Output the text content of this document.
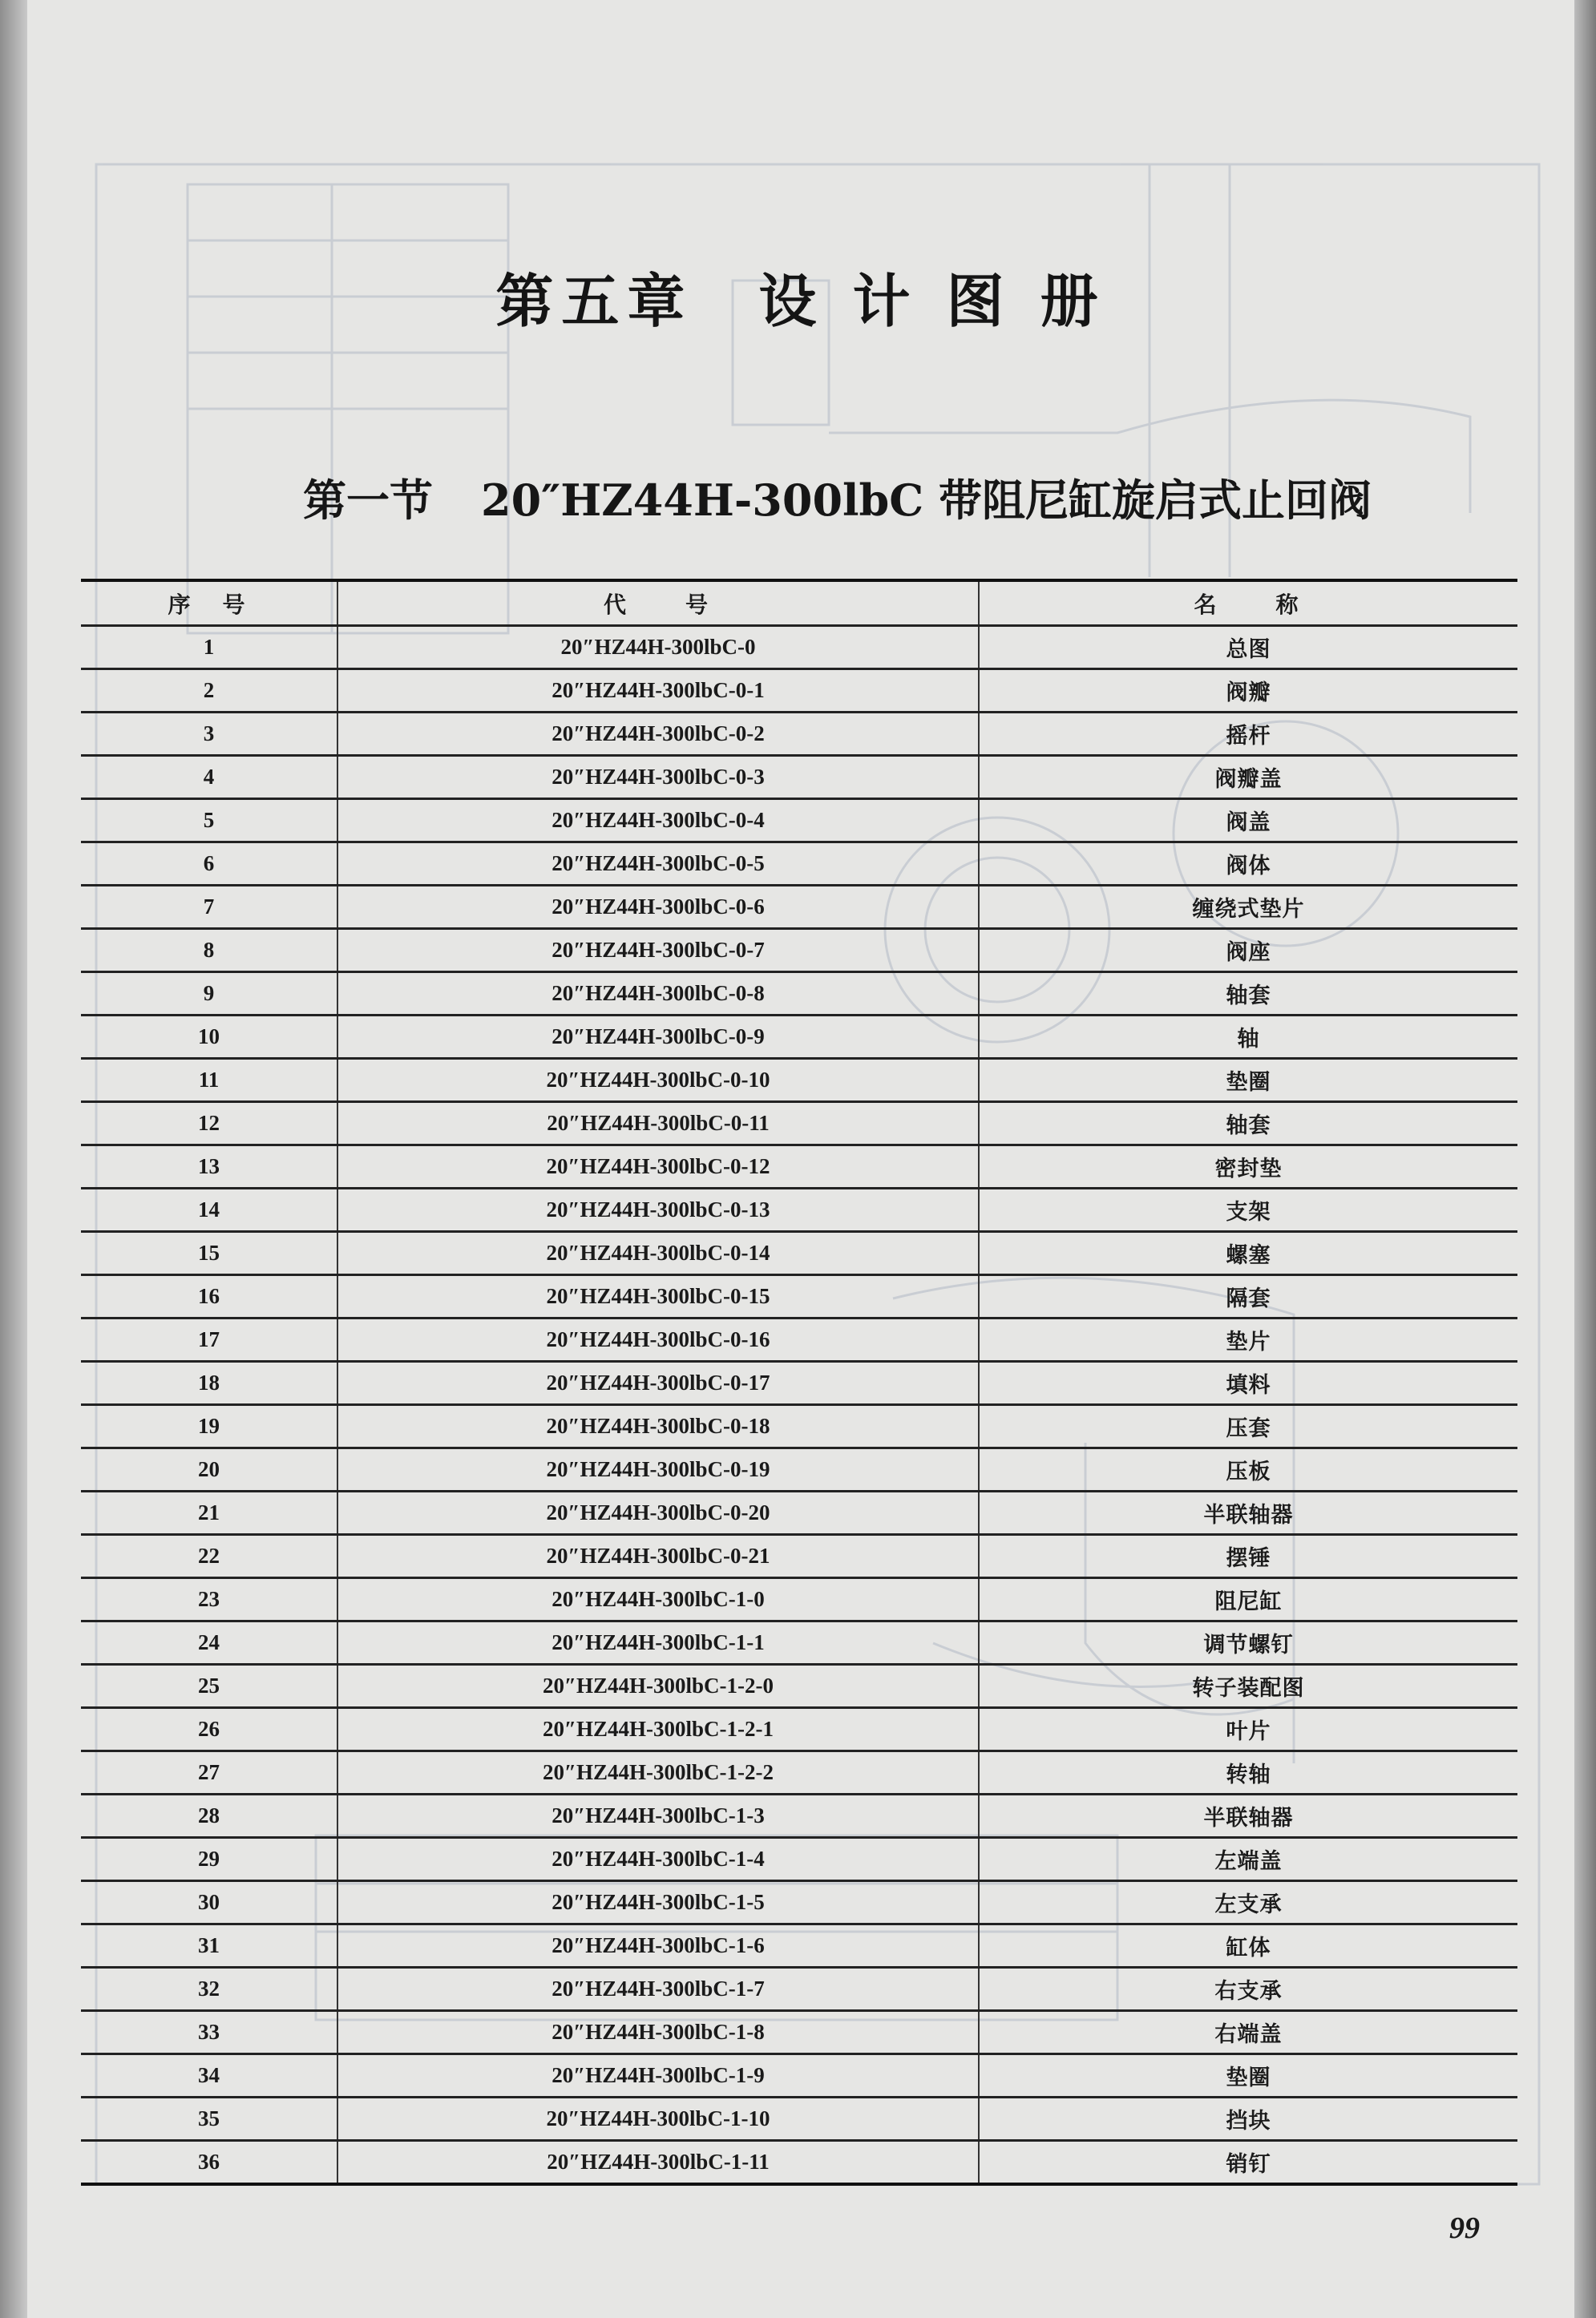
第五章　设 计 图 册
第一节 20″HZ44H-300lbC 带阻尼缸旋启式止回阀
序　号	代　　号	名　　称
1	20″HZ44H-300lbC-0	总图
2	20″HZ44H-300lbC-0-1	阀瓣
3	20″HZ44H-300lbC-0-2	摇杆
4	20″HZ44H-300lbC-0-3	阀瓣盖
5	20″HZ44H-300lbC-0-4	阀盖
6	20″HZ44H-300lbC-0-5	阀体
7	20″HZ44H-300lbC-0-6	缠绕式垫片
8	20″HZ44H-300lbC-0-7	阀座
9	20″HZ44H-300lbC-0-8	轴套
10	20″HZ44H-300lbC-0-9	轴
11	20″HZ44H-300lbC-0-10	垫圈
12	20″HZ44H-300lbC-0-11	轴套
13	20″HZ44H-300lbC-0-12	密封垫
14	20″HZ44H-300lbC-0-13	支架
15	20″HZ44H-300lbC-0-14	螺塞
16	20″HZ44H-300lbC-0-15	隔套
17	20″HZ44H-300lbC-0-16	垫片
18	20″HZ44H-300lbC-0-17	填料
19	20″HZ44H-300lbC-0-18	压套
20	20″HZ44H-300lbC-0-19	压板
21	20″HZ44H-300lbC-0-20	半联轴器
22	20″HZ44H-300lbC-0-21	摆锤
23	20″HZ44H-300lbC-1-0	阻尼缸
24	20″HZ44H-300lbC-1-1	调节螺钉
25	20″HZ44H-300lbC-1-2-0	转子装配图
26	20″HZ44H-300lbC-1-2-1	叶片
27	20″HZ44H-300lbC-1-2-2	转轴
28	20″HZ44H-300lbC-1-3	半联轴器
29	20″HZ44H-300lbC-1-4	左端盖
30	20″HZ44H-300lbC-1-5	左支承
31	20″HZ44H-300lbC-1-6	缸体
32	20″HZ44H-300lbC-1-7	右支承
33	20″HZ44H-300lbC-1-8	右端盖
34	20″HZ44H-300lbC-1-9	垫圈
35	20″HZ44H-300lbC-1-10	挡块
36	20″HZ44H-300lbC-1-11	销钉
99
